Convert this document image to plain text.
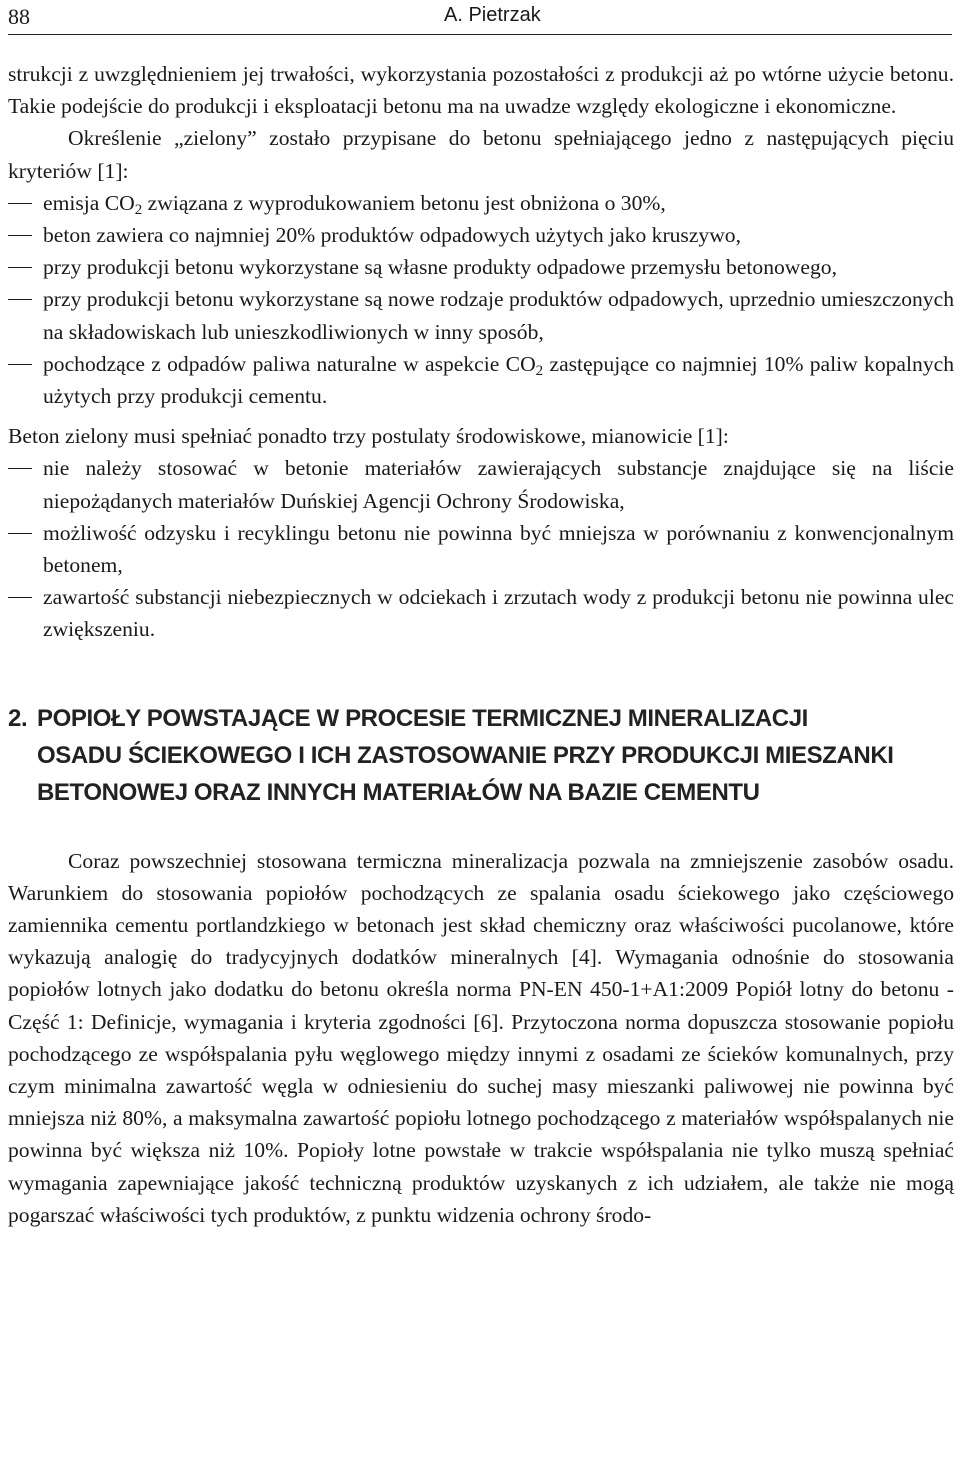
88	A. Pietrzak

strukcji z uwzględnieniem jej trwałości, wykorzystania pozostałości z produkcji aż po wtórne użycie betonu. Takie podejście do produkcji i eksploatacji betonu ma na uwadze względy ekologiczne i ekonomiczne.

Określenie „zielony” zostało przypisane do betonu spełniającego jedno z następujących pięciu kryteriów [1]:

emisja $CO_2$ związana z wyprodukowaniem betonu jest obniżona o 30%,
beton zawiera co najmniej 20% produktów odpadowych użytych jako kruszywo,
przy produkcji betonu wykorzystane są własne produkty odpadowe przemysłu betonowego,
przy produkcji betonu wykorzystane są nowe rodzaje produktów odpadowych, uprzednio umieszczonych na składowiskach lub unieszkodliwionych w inny sposób,
pochodzące z odpadów paliwa naturalne w aspekcie $CO_2$ zastępujące co najmniej 10% paliw kopalnych użytych przy produkcji cementu.

Beton zielony musi spełniać ponadto trzy postulaty środowiskowe, mianowicie [1]:

nie należy stosować w betonie materiałów zawierających substancje znajdujące się na liście niepożądanych materiałów Duńskiej Agencji Ochrony Środowiska,
możliwość odzysku i recyklingu betonu nie powinna być mniejsza w porównaniu z konwencjonalnym betonem,
zawartość substancji niebezpiecznych w odciekach i zrzutach wody z produkcji betonu nie powinna ulec zwiększeniu.
2. POPIOŁY POWSTAJĄCE W PROCESIE TERMICZNEJ MINERALIZACJI OSADU ŚCIEKOWEGO I ICH ZASTOSOWANIE PRZY PRODUKCJI MIESZANKI BETONOWEJ ORAZ INNYCH MATERIAŁÓW NA BAZIE CEMENTU

Coraz powszechniej stosowana termiczna mineralizacja pozwala na zmniejszenie zasobów osadu. Warunkiem do stosowania popiołów pochodzących ze spalania osadu ściekowego jako częściowego zamiennika cementu portlandzkiego w betonach jest skład chemiczny oraz właściwości pucolanowe, które wykazują analogię do tradycyjnych dodatków mineralnych [4]. Wymagania odnośnie do stosowania popiołów lotnych jako dodatku do betonu określa norma PN-EN 450-1+A1:2009 Popiół lotny do betonu - Część 1: Definicje, wymagania i kryteria zgodności [6]. Przytoczona norma dopuszcza stosowanie popiołu pochodzącego ze współspalania pyłu węglowego między innymi z osadami ze ścieków komunalnych, przy czym minimalna zawartość węgla w odniesieniu do suchej masy mieszanki paliwowej nie powinna być mniejsza niż 80%, a maksymalna zawartość popiołu lotnego pochodzącego z materiałów współspalanych nie powinna być większa niż 10%. Popioły lotne powstałe w trakcie współspalania nie tylko muszą spełniać wymagania zapewniające jakość techniczną produktów uzyskanych z ich udziałem, ale także nie mogą pogarszać właściwości tych produktów, z punktu widzenia ochrony środo-
